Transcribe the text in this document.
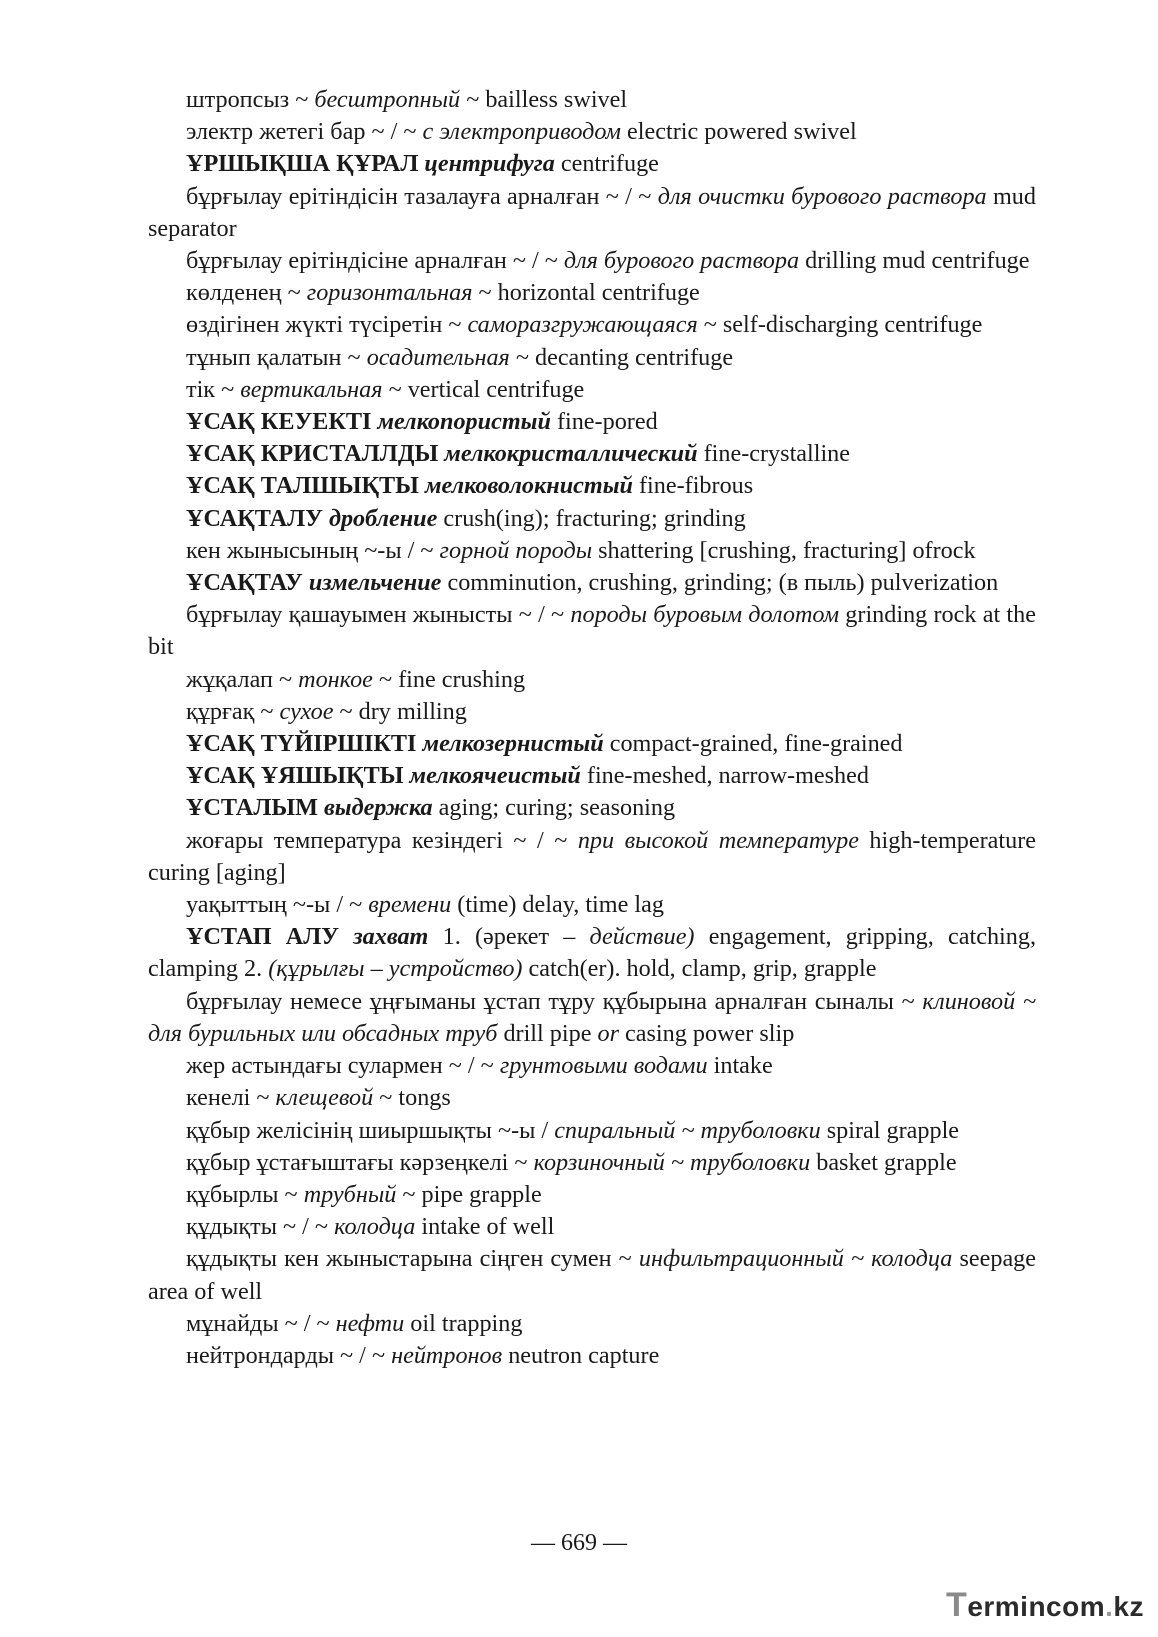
штропсыз ~ бесштропный ~ bailless swivel

электр жетегі бар ~ / ~ с электроприводом electric powered swivel

ҰРШЫҚША ҚҰРАЛ центрифуга centrifuge

бұрғылау ерітіндісін тазалауға арналған ~ / ~ для очистки бурового раствора mud separator

бұрғылау ерітіндісіне арналған ~ / ~ для бурового раствора drilling mud centrifuge

көлденең ~ горизонтальная ~ horizontal centrifuge

өздігінен жүкті түсіретін ~ саморазгружающаяся ~ self-discharging centrifuge

тұнып қалатын ~ осадительная ~ decanting centrifuge

тік ~ вертикальная ~ vertical centrifuge

ҰСАҚ КЕУЕКТІ мелкопористый fine-pored

ҰСАҚ КРИСТАЛЛДЫ мелкокристаллический fine-crystalline

ҰСАҚ ТАЛШЫҚТЫ мелковолокнистый fine-fibrous

ҰСАҚТАЛУ дробление crush(ing); fracturing; grinding

кен жынысының ~-ы / ~ горной породы shattering [crushing, fracturing] ofrock

ҰСАҚТАУ измельчение comminution, crushing, grinding; (в пыль) pulverization

бұрғылау қашауымен жынысты ~ / ~ породы буровым долотом grinding rock at the bit

жұқалап ~ тонкое ~ fine crushing

құрғақ ~ сухое ~ dry milling

ҰСАҚ ТҮЙІРШІКТІ мелкозернистый compact-grained, fine-grained

ҰСАҚ ҰЯШЫҚТЫ мелкоячеистый fine-meshed, narrow-meshed

ҰСТАЛЫМ выдержка aging; curing; seasoning

жоғары температура кезіндегі ~ / ~ при высокой температуре high-temperature curing [aging]

уақыттың ~-ы / ~ времени (time) delay, time lag

ҰСТАП АЛУ захват 1. (әрекет – действие) engagement, gripping, catching, clamping 2. (құрылғы – устройство) catch(er). hold, clamp, grip, grapple

бұрғылау немесе ұңғыманы ұстап тұру құбырына арналған сыналы ~ клиновой ~ для бурильных или обсадных труб drill pipe or casing power slip

жер астындағы сулармен ~ / ~ грунтовыми водами intake

кенелі ~ клещевой ~ tongs

құбыр желісінің шиыршықты ~-ы / спиральный ~ труболовки spiral grapple

құбыр ұстағыштағы кәрзеңкелі ~ корзиночный ~ труболовки basket grapple

құбырлы ~ трубный ~ pipe grapple

құдықты ~ / ~ колодца intake of well

құдықты кен жыныстарына сіңген сумен ~ инфильтрационный ~ колодца seepage area of well

мұнайды ~ / ~ нефти oil trapping

нейтрондарды ~ / ~ нейтронов neutron capture

— 669 —
Termincоm.kz
